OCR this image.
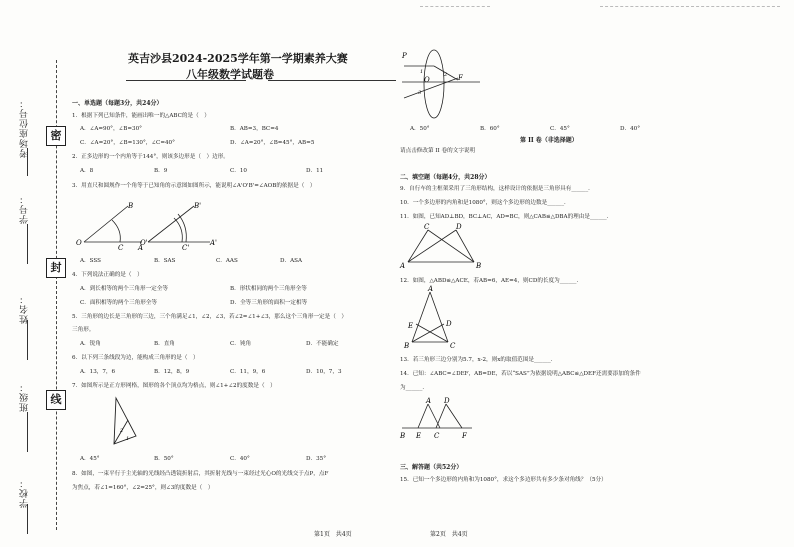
密
封
线
考场座位号：
学号：
姓名：
班级：
学校：
英吉沙县2024-2025学年第一学期素养大赛
八年级数学试题卷
一、单选题（每题3分，共24分）
1．根据下列已知条件，能画出唯一的△ABC的是（　）
A．∠A=90°，∠B=30°	B．AB=3，BC=4
C．∠A=20°，∠B=130°，∠C=40°	D．∠A=20°，∠B=45°，AB=5
2．正多边形的一个内角等于144°，则该多边形是（　）边形。
A．8	B．9	C．10	D．11
3．用直尺和圆规作一个角等于已知角的示意图如图所示，能说明∠A'O'B'=∠AOB的依据是（　）
O
B
C A
O'
B'
C'
A'
A．SSS	B．SAS	C．AAS	D．ASA
4．下列说法正确的是（　）
A．到长相等的两个三角形一定全等	B．形状相同的两个三角形全等
C．面积相等的两个三角形全等	D．全等三角形的面积一定相等
5．三角形的边长是三角形的三边，三个角满足∠1，∠2，∠3，若∠2=∠1+∠3，那么这个三角形一定是（　）
三角形。
A．锐角	B．直角	C．钝角	D．不能确定
6．以下列三条线段为边，能构成三角形的是（　）
A．13，7，6	B．12，8，9	C．11，9，6	D．10，7，3
7．如图所示是正方形网格，图形的各个顶点均为格点，则∠1+∠2的度数是（　）
2
1
A．45°	B．50°	C．40°	D．35°
8．如图，一束平行于主光轴的光线经凸透镜折射后，其折射光线与一束经过光心O的光线交于点P，点F
为焦点，若∠1=160°，∠2=25°，则∠3的度数是（　）
第1页　共4页
P
O	F
1	2
3
A．50°	B．60°	C．45°	D．40°
第 II 卷（非选择题）
请点击修改第 II 卷的文字说明
二、填空题（每题4分，共28分）
9．自行车的主框架采用了三角形结构，这样设计的依据是三角形具有______．
10．一个多边形的内角和是1080°，则这个多边形的边数是______．
11．如图，已知AD⊥BD，BC⊥AC，AD=BC，则△CAB≌△DBA的理由是______．
C	D
A	B
12．如图，△ABD≌△ACE，若AB=6，AE=4，则CD的长度为______．
A
E	D
B	C
13．若三角形三边分别为5.7，x-2，则x的取值范围是______．
14．已知：∠ABC=∠DEF，AB=DE，若以“SAS”为依据说明△ABC≌△DEF还需要添加的条件
为______．
A D
B E C	F
三、解答题（共52分）
15．已知一个多边形的内角和为1080°，求这个多边形共有多少条对角线？（5分）
第2页　共4页
